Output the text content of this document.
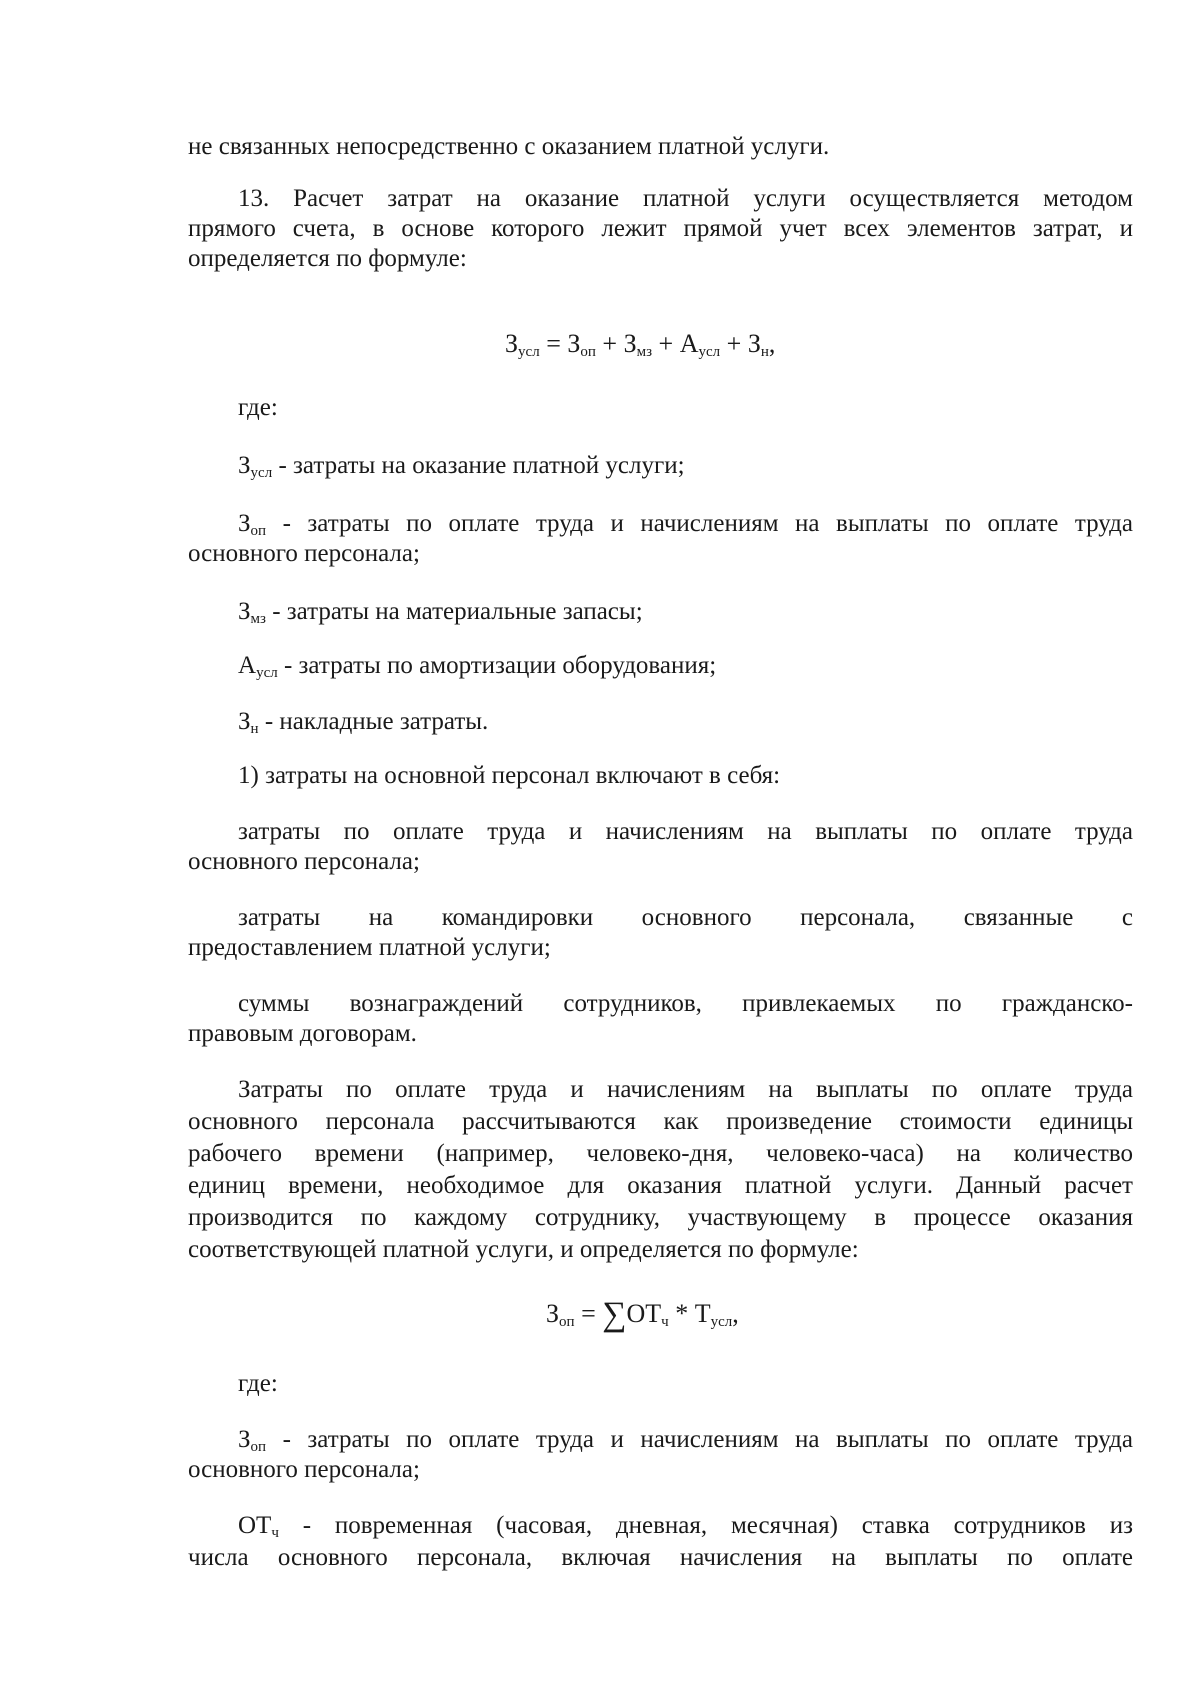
не связанных непосредственно с оказанием платной услуги.
13. Расчет затрат на оказание платной услуги осуществляется методом
прямого счета, в основе которого лежит прямой учет всех элементов затрат, и
определяется по формуле:
$З_{усл} = З_{оп} + З_{мз} + А_{усл} + З_н$,
где:
$З_{усл}$ - затраты на оказание платной услуги;
$З_{оп}$ - затраты по оплате труда и начислениям на выплаты по оплате труда
основного персонала;
$З_{мз}$ - затраты на материальные запасы;
$А_{усл}$ - затраты по амортизации оборудования;
$З_н$ - накладные затраты.
1) затраты на основной персонал включают в себя:
затраты по оплате труда и начислениям на выплаты по оплате труда
основного персонала;
затраты на командировки основного персонала, связанные с
предоставлением платной услуги;
суммы вознаграждений сотрудников, привлекаемых по гражданско-
правовым договорам.
Затраты по оплате труда и начислениям на выплаты по оплате труда
основного персонала рассчитываются как произведение стоимости единицы
рабочего времени (например, человеко-дня, человеко-часа) на количество
единиц времени, необходимое для оказания платной услуги. Данный расчет
производится по каждому сотруднику, участвующему в процессе оказания
соответствующей платной услуги, и определяется по формуле:
$З_{оп} = \sum ОТ_ч * Т_{усл}$,
где:
$З_{оп}$ - затраты по оплате труда и начислениям на выплаты по оплате труда
основного персонала;
$ОТ_ч$ - повременная (часовая, дневная, месячная) ставка сотрудников из
числа основного персонала, включая начисления на выплаты по оплате
